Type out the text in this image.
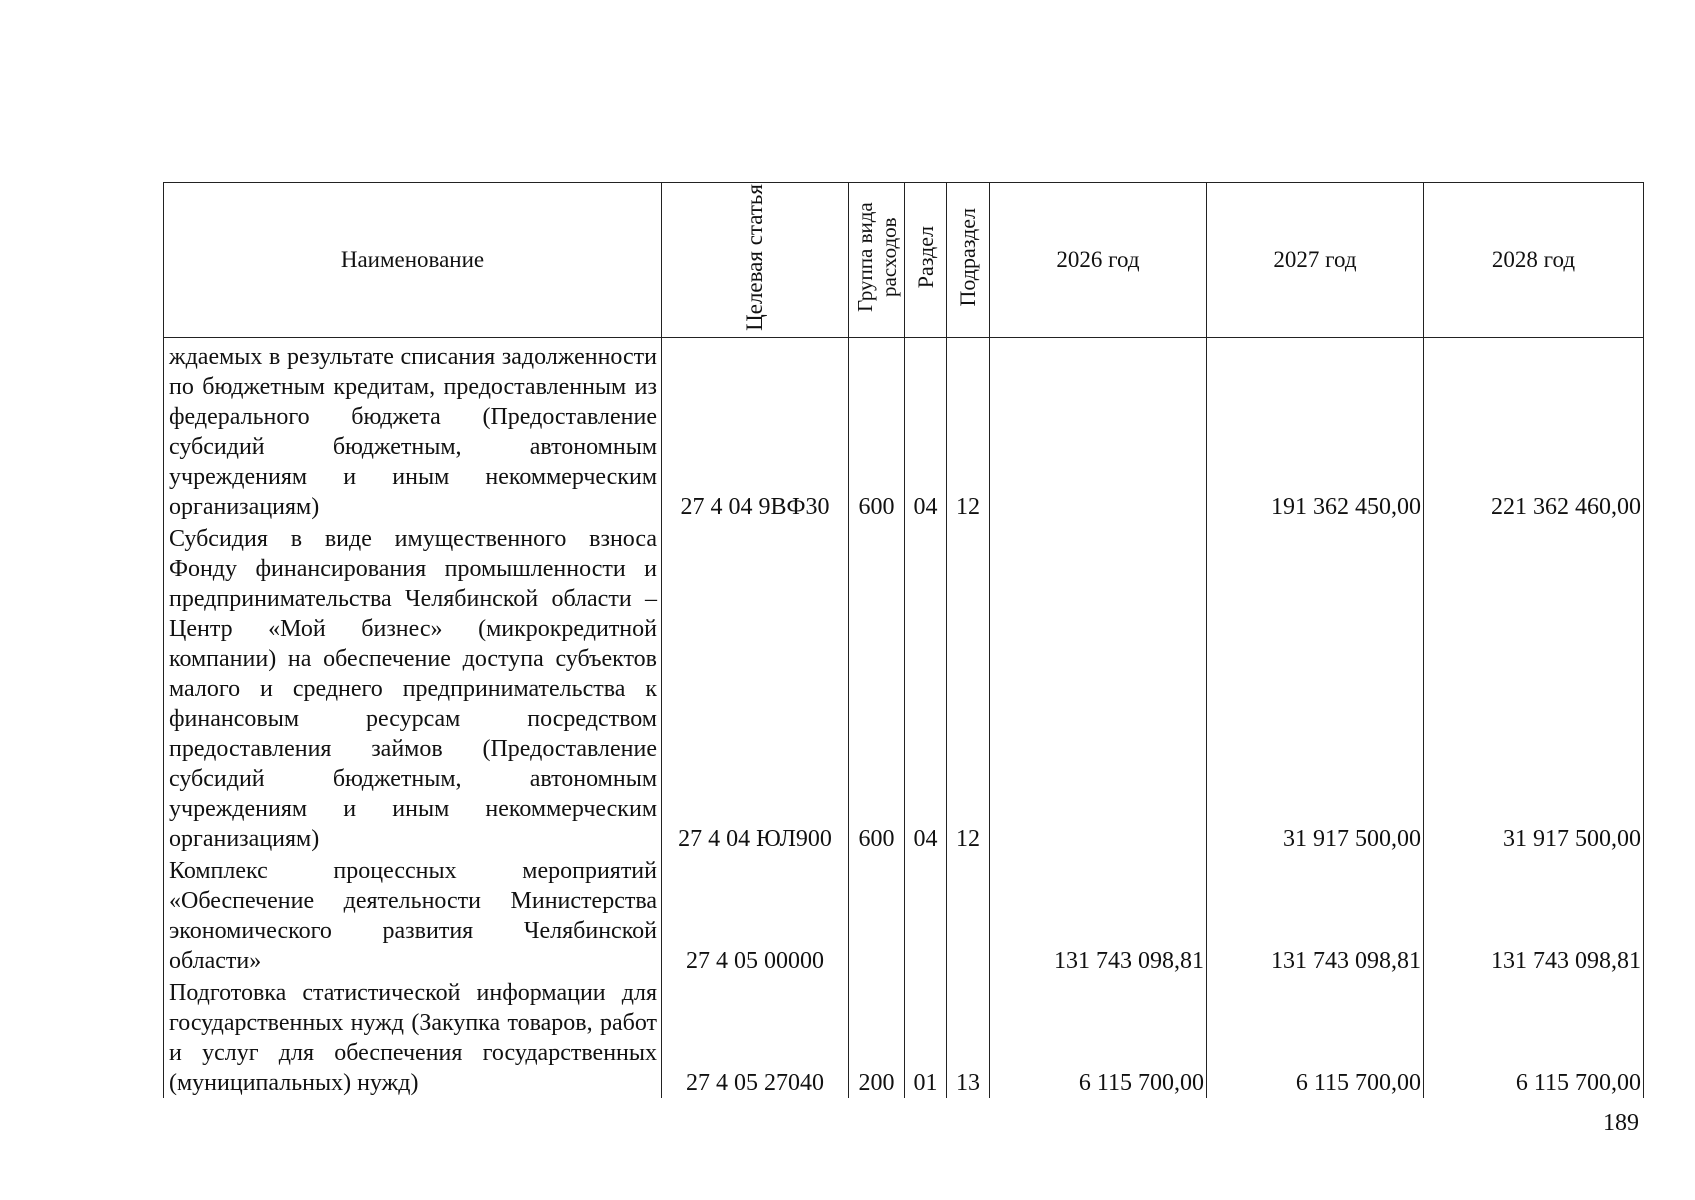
Наименование	Целевая статья	Группа вида расходов	Раздел	Подраздел	2026 год	2027 год	2028 год

ждаемых в результате списания задолженности по бюджетным кредитам, предоставленным из федерального бюджета (Предоставление субсидий бюджетным, автономным учреждениям и иным некоммерческим организациям)	27 4 04 9ВФ30	600	04	12		191 362 450,00	221 362 460,00

Субсидия в виде имущественного взноса Фонду финансирования промышленности и предпринимательства Челябинской области – Центр «Мой бизнес» (микрокредитной компании) на обеспечение доступа субъектов малого и среднего предпринимательства к финансовым ресурсам посредством предоставления займов (Предоставление субсидий бюджетным, автономным учреждениям и иным некоммерческим организациям)	27 4 04 ЮЛ900	600	04	12		31 917 500,00	31 917 500,00

Комплекс процессных мероприятий «Обеспечение деятельности Министерства экономического развития Челябинской области»	27 4 05 00000				131 743 098,81	131 743 098,81	131 743 098,81

Подготовка статистической информации для государственных нужд (Закупка товаров, работ и услуг для обеспечения государственных (муниципальных) нужд)	27 4 05 27040	200	01	13	6 115 700,00	6 115 700,00	6 115 700,00
189
